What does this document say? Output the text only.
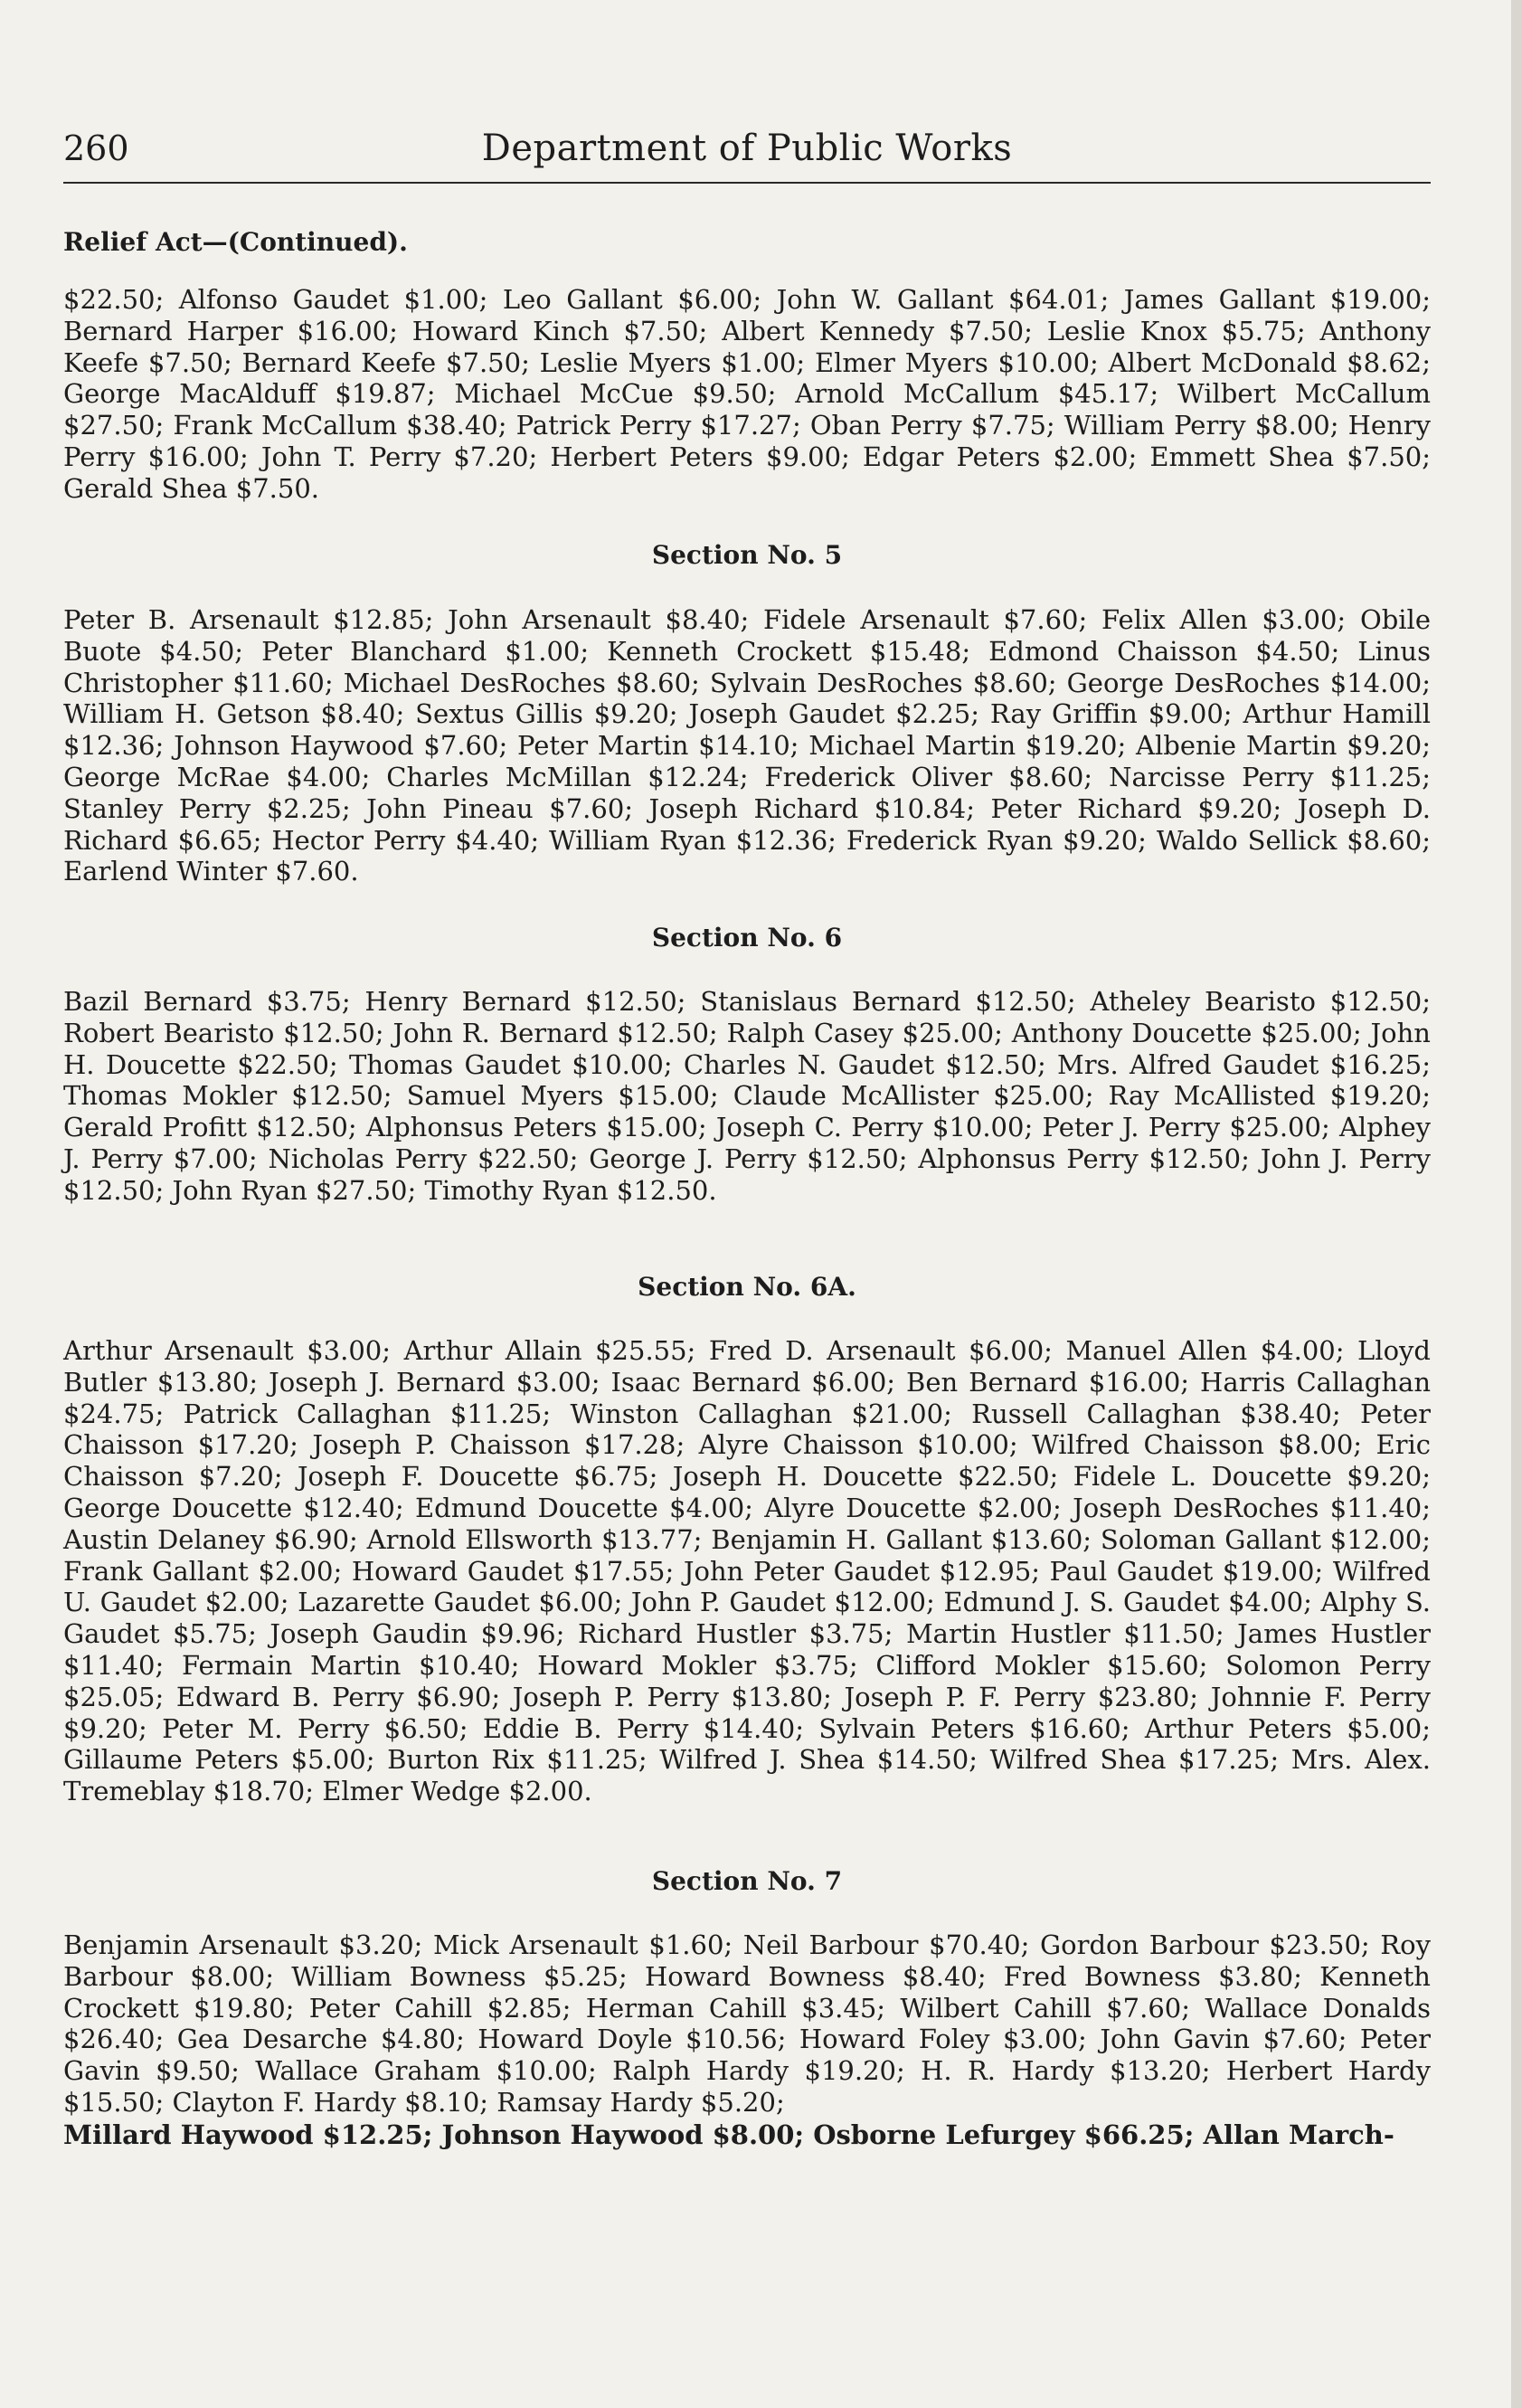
260	Department of Public Works
Relief Act—(Continued).

$22.50; Alfonso Gaudet $1.00; Leo Gallant $6.00; John W. Gallant $64.01; James Gallant $19.00; Bernard Harper $16.00; Howard Kinch $7.50; Albert Kennedy $7.50; Leslie Knox $5.75; Anthony Keefe $7.50; Bernard Keefe $7.50; Leslie Myers $1.00; Elmer Myers $10.00; Albert McDonald $8.62; George MacAlduff $19.87; Michael McCue $9.50; Arnold McCallum $45.17; Wilbert McCallum $27.50; Frank McCallum $38.40; Patrick Perry $17.27; Oban Perry $7.75; William Perry $8.00; Henry Perry $16.00; John T. Perry $7.20; Herbert Peters $9.00; Edgar Peters $2.00; Emmett Shea $7.50; Gerald Shea $7.50.

Section No. 5

Peter B. Arsenault $12.85; John Arsenault $8.40; Fidele Arsenault $7.60; Felix Allen $3.00; Obile Buote $4.50; Peter Blanchard $1.00; Kenneth Crockett $15.48; Edmond Chaisson $4.50; Linus Christopher $11.60; Michael DesRoches $8.60; Sylvain DesRoches $8.60; George DesRoches $14.00; William H. Getson $8.40; Sextus Gillis $9.20; Joseph Gaudet $2.25; Ray Griffin $9.00; Arthur Hamill $12.36; Johnson Haywood $7.60; Peter Martin $14.10; Michael Martin $19.20; Albenie Martin $9.20; George McRae $4.00; Charles McMillan $12.24; Frederick Oliver $8.60; Narcisse Perry $11.25; Stanley Perry $2.25; John Pineau $7.60; Joseph Richard $10.84; Peter Richard $9.20; Joseph D. Richard $6.65; Hector Perry $4.40; William Ryan $12.36; Frederick Ryan $9.20; Waldo Sellick $8.60; Earlend Winter $7.60.

Section No. 6

Bazil Bernard $3.75; Henry Bernard $12.50; Stanislaus Bernard $12.50; Atheley Bearisto $12.50; Robert Bearisto $12.50; John R. Bernard $12.50; Ralph Casey $25.00; Anthony Doucette $25.00; John H. Doucette $22.50; Thomas Gaudet $10.00; Charles N. Gaudet $12.50; Mrs. Alfred Gaudet $16.25; Thomas Mokler $12.50; Samuel Myers $15.00; Claude McAllister $25.00; Ray McAllisted $19.20; Gerald Profitt $12.50; Alphonsus Peters $15.00; Joseph C. Perry $10.00; Peter J. Perry $25.00; Alphey J. Perry $7.00; Nicholas Perry $22.50; George J. Perry $12.50; Alphonsus Perry $12.50; John J. Perry $12.50; John Ryan $27.50; Timothy Ryan $12.50.

Section No. 6A.

Arthur Arsenault $3.00; Arthur Allain $25.55; Fred D. Arsenault $6.00; Manuel Allen $4.00; Lloyd Butler $13.80; Joseph J. Bernard $3.00; Isaac Bernard $6.00; Ben Bernard $16.00; Harris Callaghan $24.75; Patrick Callaghan $11.25; Winston Callaghan $21.00; Russell Callaghan $38.40; Peter Chaisson $17.20; Joseph P. Chaisson $17.28; Alyre Chaisson $10.00; Wilfred Chaisson $8.00; Eric Chaisson $7.20; Joseph F. Doucette $6.75; Joseph H. Doucette $22.50; Fidele L. Doucette $9.20; George Doucette $12.40; Edmund Doucette $4.00; Alyre Doucette $2.00; Joseph DesRoches $11.40; Austin Delaney $6.90; Arnold Ellsworth $13.77; Benjamin H. Gallant $13.60; Soloman Gallant $12.00; Frank Gallant $2.00; Howard Gaudet $17.55; John Peter Gaudet $12.95; Paul Gaudet $19.00; Wilfred U. Gaudet $2.00; Lazarette Gaudet $6.00; John P. Gaudet $12.00; Edmund J. S. Gaudet $4.00; Alphy S. Gaudet $5.75; Joseph Gaudin $9.96; Richard Hustler $3.75; Martin Hustler $11.50; James Hustler $11.40; Fermain Martin $10.40; Howard Mokler $3.75; Clifford Mokler $15.60; Solomon Perry $25.05; Edward B. Perry $6.90; Joseph P. Perry $13.80; Joseph P. F. Perry $23.80; Johnnie F. Perry $9.20; Peter M. Perry $6.50; Eddie B. Perry $14.40; Sylvain Peters $16.60; Arthur Peters $5.00; Gillaume Peters $5.00; Burton Rix $11.25; Wilfred J. Shea $14.50; Wilfred Shea $17.25; Mrs. Alex. Tremeblay $18.70; Elmer Wedge $2.00.

Section No. 7

Benjamin Arsenault $3.20; Mick Arsenault $1.60; Neil Barbour $70.40; Gordon Barbour $23.50; Roy Barbour $8.00; William Bowness $5.25; Howard Bowness $8.40; Fred Bowness $3.80; Kenneth Crockett $19.80; Peter Cahill $2.85; Herman Cahill $3.45; Wilbert Cahill $7.60; Wallace Donalds $26.40; Gea Desarche $4.80; Howard Doyle $10.56; Howard Foley $3.00; John Gavin $7.60; Peter Gavin $9.50; Wallace Graham $10.00; Ralph Hardy $19.20; H. R. Hardy $13.20; Herbert Hardy $15.50; Clayton F. Hardy $8.10; Ramsay Hardy $5.20;

Millard Haywood $12.25; Johnson Haywood $8.00; Osborne Lefurgey $66.25; Allan March-
